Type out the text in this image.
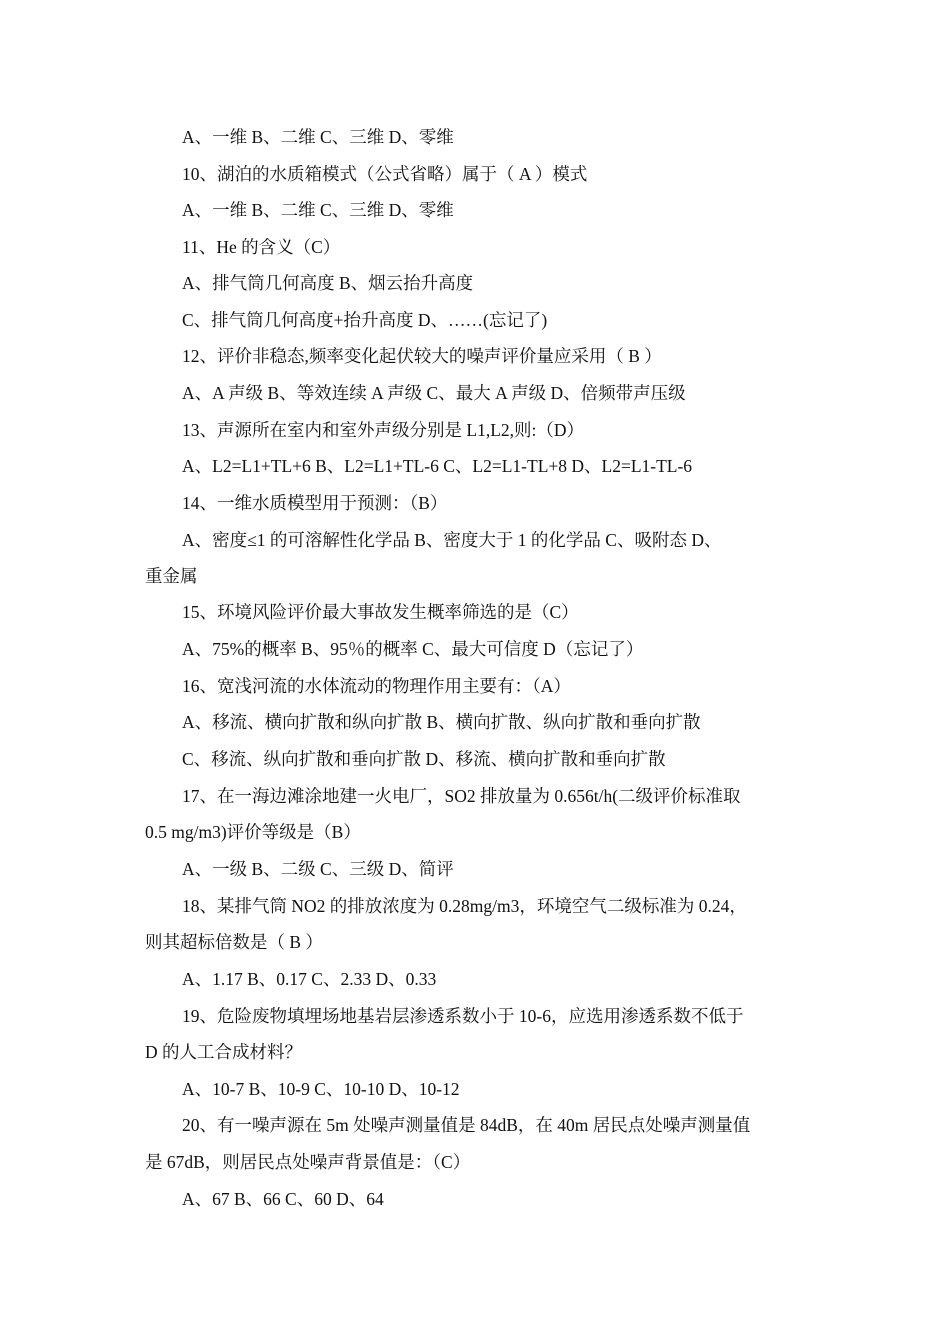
A、一维 B、二维 C、三维 D、零维
10、湖泊的水质箱模式（公式省略）属于（ A ）模式
A、一维 B、二维 C、三维 D、零维
11、He 的含义（C）
A、排气筒几何高度 B、烟云抬升高度
C、排气筒几何高度+抬升高度 D、……(忘记了)
12、评价非稳态,频率变化起伏较大的噪声评价量应采用（ B ）
A、A 声级 B、等效连续 A 声级 C、最大 A 声级 D、倍频带声压级
13、声源所在室内和室外声级分别是 L1,L2,则:（D）
A、L2=L1+TL+6 B、L2=L1+TL-6 C、L2=L1-TL+8 D、L2=L1-TL-6
14、一维水质模型用于预测：（B）
A、密度≤1 的可溶解性化学品 B、密度大于 1 的化学品 C、吸附态 D、
重金属
15、环境风险评价最大事故发生概率筛选的是（C）
A、75%的概率 B、95％的概率 C、最大可信度 D（忘记了）
16、宽浅河流的水体流动的物理作用主要有：（A）
A、移流、横向扩散和纵向扩散 B、横向扩散、纵向扩散和垂向扩散
C、移流、纵向扩散和垂向扩散 D、移流、横向扩散和垂向扩散
17、在一海边滩涂地建一火电厂，SO2 排放量为 0.656t/h(二级评价标准取
0.5 mg/m3)评价等级是（B）
A、一级 B、二级 C、三级 D、简评
18、某排气筒 NO2 的排放浓度为 0.28mg/m3，环境空气二级标准为 0.24，
则其超标倍数是（ B ）
A、1.17 B、0.17 C、2.33 D、0.33
19、危险废物填埋场地基岩层渗透系数小于 10-6，应选用渗透系数不低于
D 的人工合成材料？
A、10-7 B、10-9 C、10-10 D、10-12
20、有一噪声源在 5m 处噪声测量值是 84dB，在 40m 居民点处噪声测量值
是 67dB，则居民点处噪声背景值是：（C）
A、67 B、66 C、60 D、64
